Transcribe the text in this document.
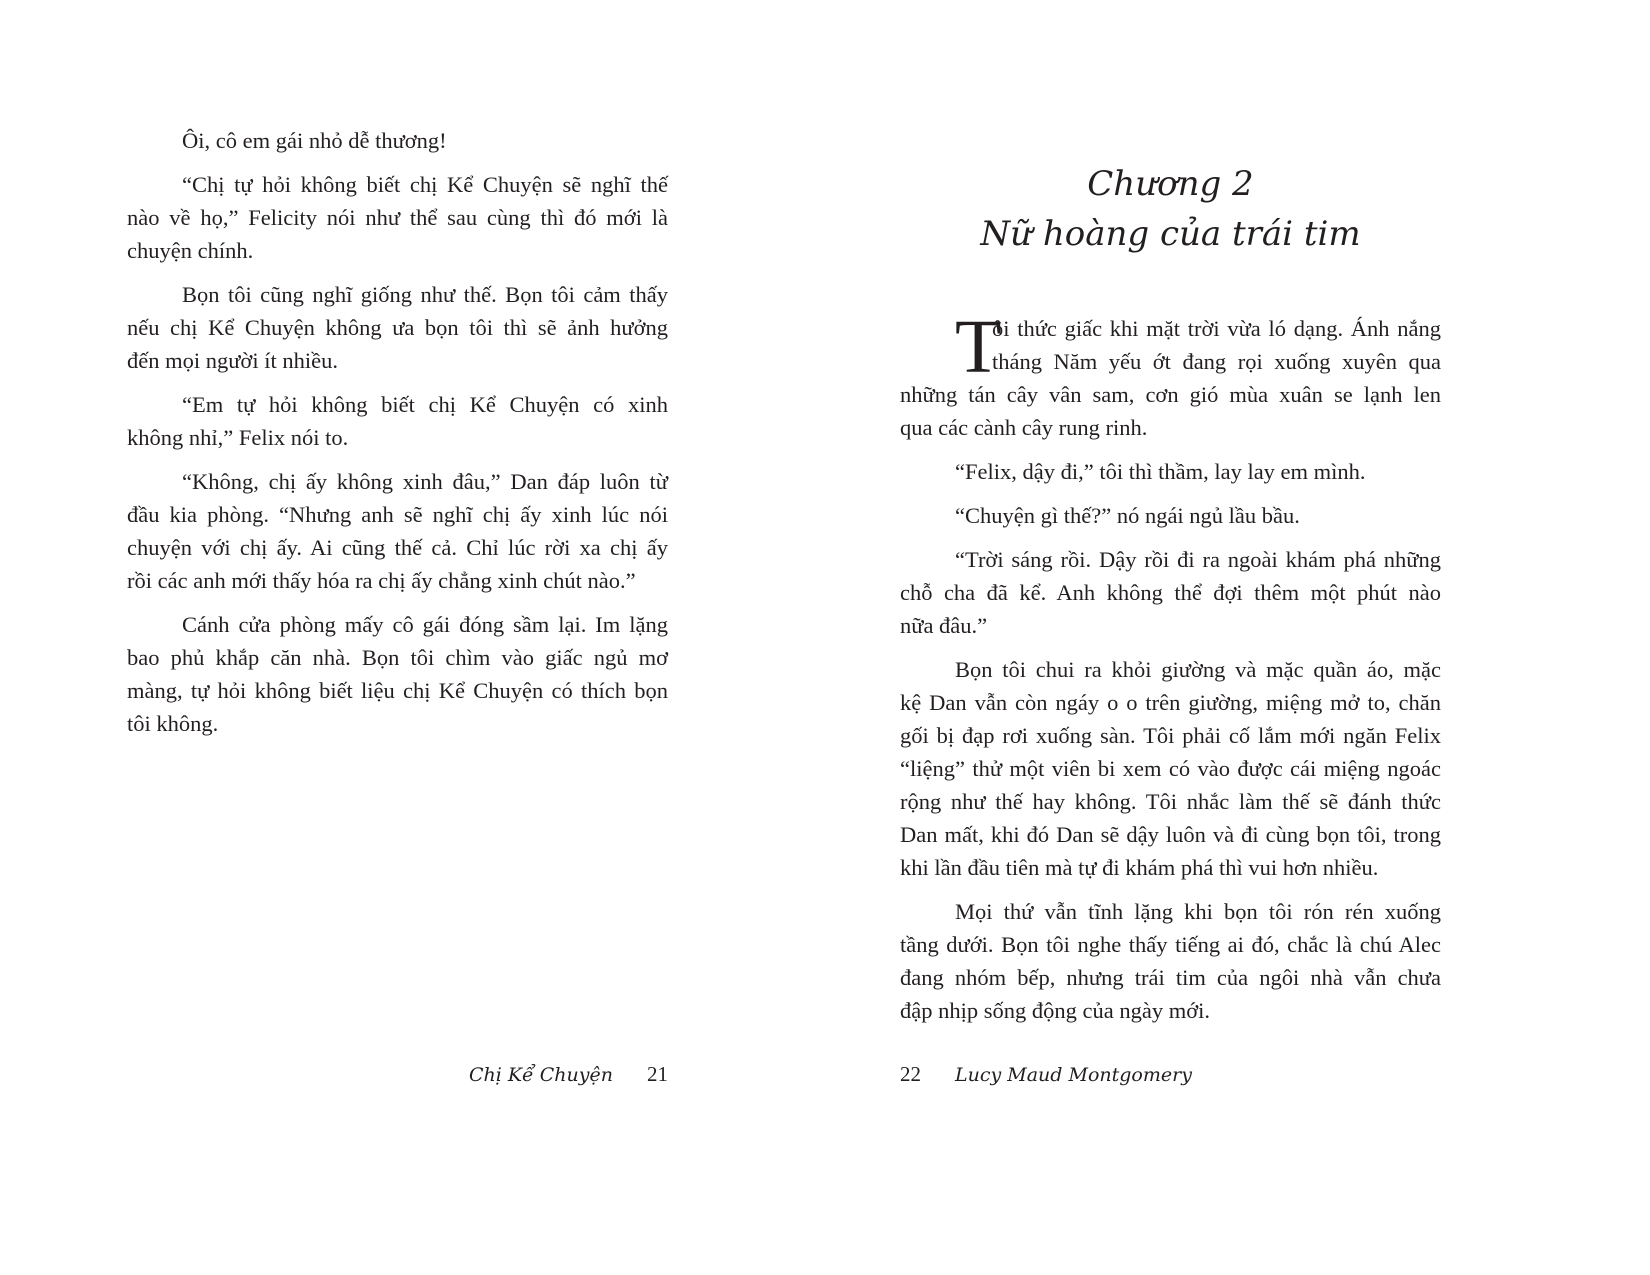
Ôi, cô em gái nhỏ dễ thương!
“Chị tự hỏi không biết chị Kể Chuyện sẽ nghĩ thế
nào về họ,” Felicity nói như thể sau cùng thì đó mới là
chuyện chính.
Bọn tôi cũng nghĩ giống như thế. Bọn tôi cảm thấy
nếu chị Kể Chuyện không ưa bọn tôi thì sẽ ảnh hưởng
đến mọi người ít nhiều.
“Em tự hỏi không biết chị Kể Chuyện có xinh
không nhỉ,” Felix nói to.
“Không, chị ấy không xinh đâu,” Dan đáp luôn từ
đầu kia phòng. “Nhưng anh sẽ nghĩ chị ấy xinh lúc nói
chuyện với chị ấy. Ai cũng thế cả. Chỉ lúc rời xa chị ấy
rồi các anh mới thấy hóa ra chị ấy chẳng xinh chút nào.”
Cánh cửa phòng mấy cô gái đóng sầm lại. Im lặng
bao phủ khắp căn nhà. Bọn tôi chìm vào giấc ngủ mơ
màng, tự hỏi không biết liệu chị Kể Chuyện có thích bọn
tôi không.
Chị Kể Chuyện 21
Chương 2
Nữ hoàng của trái tim
T
ôi thức giấc khi mặt trời vừa ló dạng. Ánh nắng
tháng Năm yếu ớt đang rọi xuống xuyên qua
những tán cây vân sam, cơn gió mùa xuân se lạnh len
qua các cành cây rung rinh.
“Felix, dậy đi,” tôi thì thầm, lay lay em mình.
“Chuyện gì thế?” nó ngái ngủ lầu bầu.
“Trời sáng rồi. Dậy rồi đi ra ngoài khám phá những
chỗ cha đã kể. Anh không thể đợi thêm một phút nào
nữa đâu.”
Bọn tôi chui ra khỏi giường và mặc quần áo, mặc
kệ Dan vẫn còn ngáy o o trên giường, miệng mở to, chăn
gối bị đạp rơi xuống sàn. Tôi phải cố lắm mới ngăn Felix
“liệng” thử một viên bi xem có vào được cái miệng ngoác
rộng như thế hay không. Tôi nhắc làm thế sẽ đánh thức
Dan mất, khi đó Dan sẽ dậy luôn và đi cùng bọn tôi, trong
khi lần đầu tiên mà tự đi khám phá thì vui hơn nhiều.
Mọi thứ vẫn tĩnh lặng khi bọn tôi rón rén xuống
tầng dưới. Bọn tôi nghe thấy tiếng ai đó, chắc là chú Alec
đang nhóm bếp, nhưng trái tim của ngôi nhà vẫn chưa
đập nhịp sống động của ngày mới.
22 Lucy Maud Montgomery
